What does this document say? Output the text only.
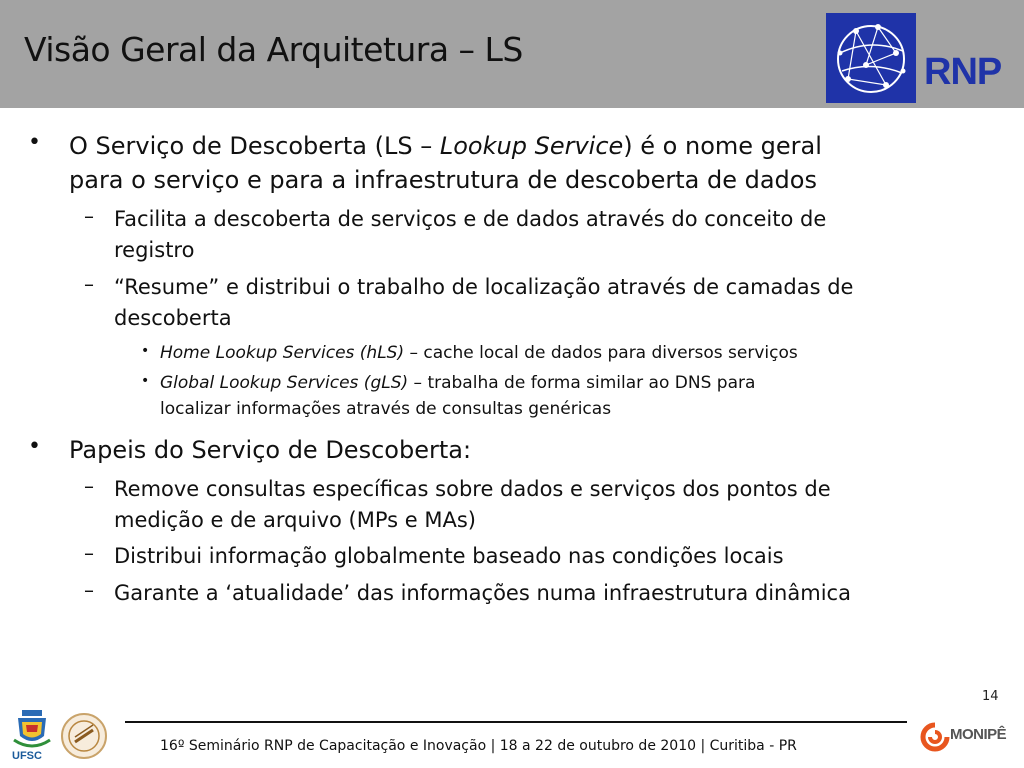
Visão Geral da Arquitetura – LS
RNP
• O Serviço de Descoberta (LS – Lookup Service) é o nome geral
para o serviço e para a infraestrutura de descoberta de dados
– Facilita a descoberta de serviços e de dados através do conceito de
registro
– “Resume” e distribui o trabalho de localização através de camadas de
descoberta
• Home Lookup Services (hLS) – cache local de dados para diversos serviços
• Global Lookup Services (gLS) – trabalha de forma similar ao DNS para
localizar informações através de consultas genéricas
• Papeis do Serviço de Descoberta:
– Remove consultas específicas sobre dados e serviços dos pontos de
medição e de arquivo (MPs e MAs)
– Distribui informação globalmente baseado nas condições locais
– Garante a ‘atualidade’ das informações numa infraestrutura dinâmica
14
UFSC
16º Seminário RNP de Capacitação e Inovação | 18 a 22 de outubro de 2010 | Curitiba - PR
MONIPÊ
